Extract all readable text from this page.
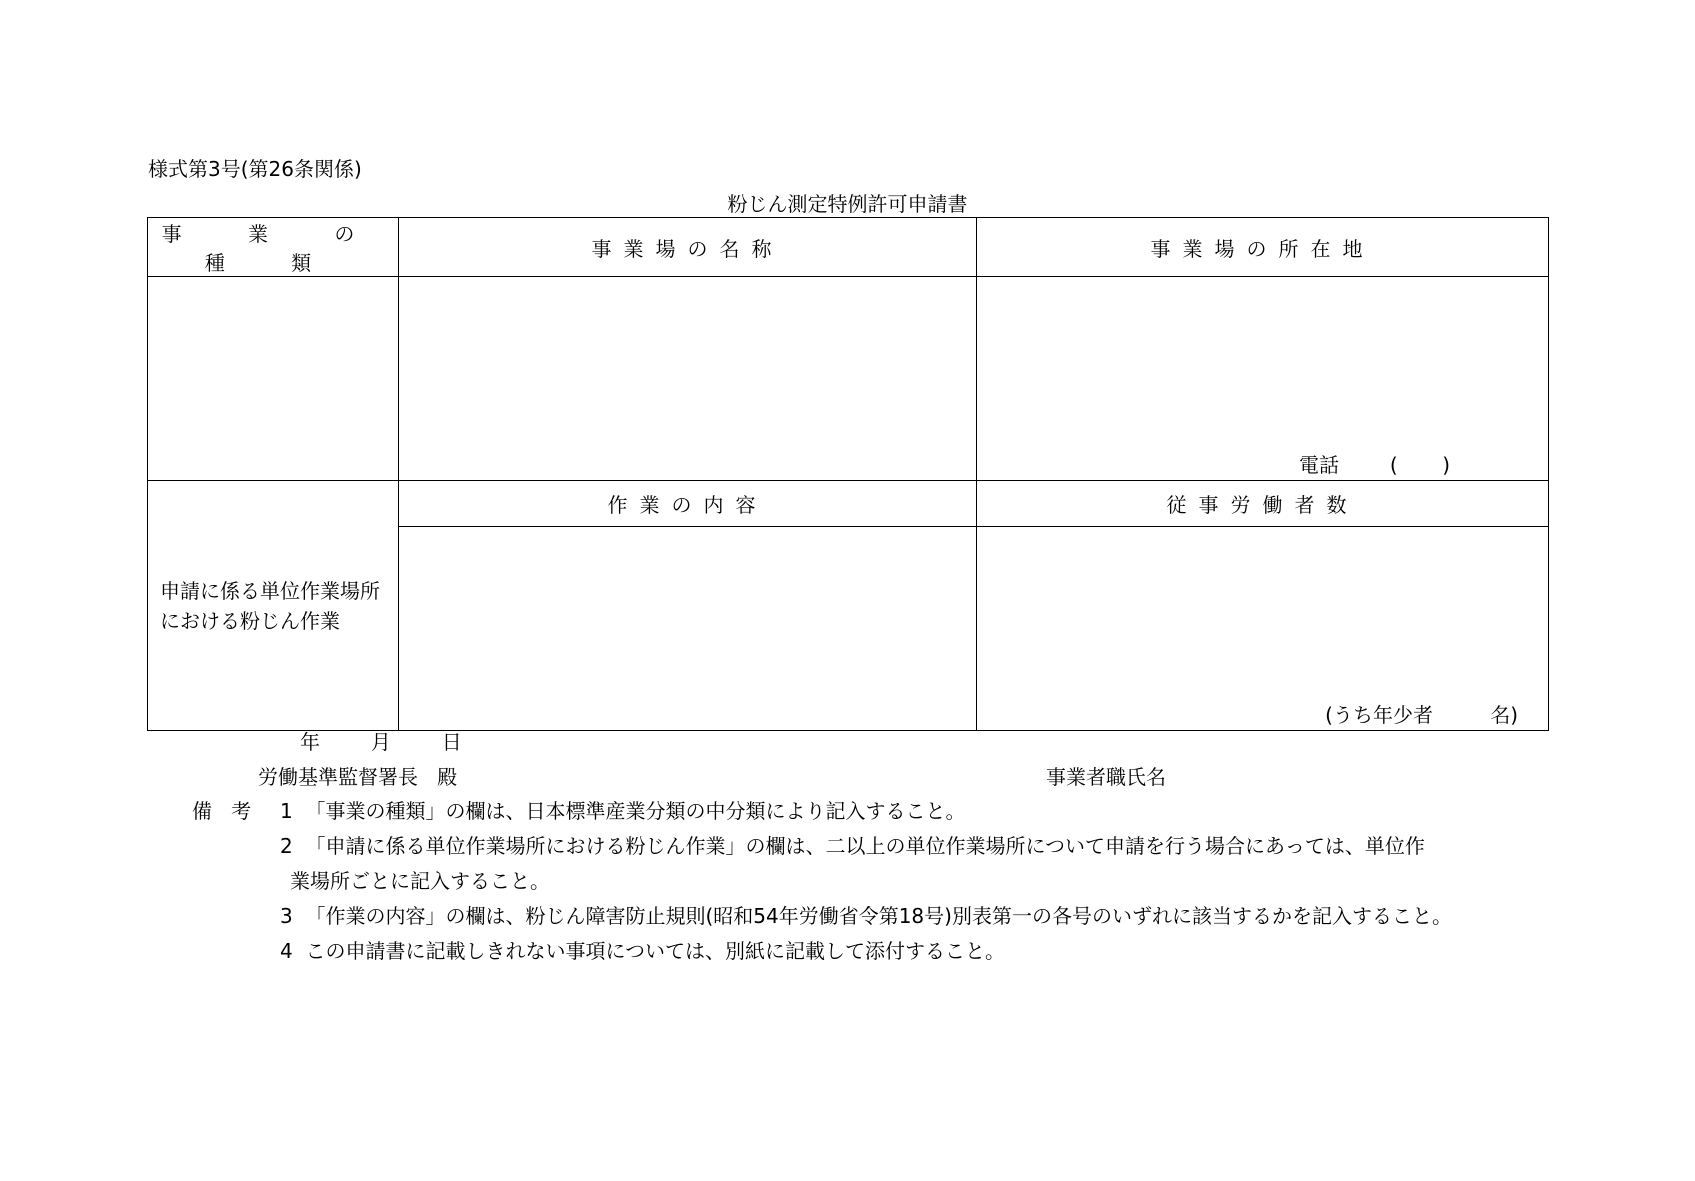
様式第3号(第26条関係)
粉じん測定特例許可申請書
事 業 の 種 類	事業場の名称	事業場の所在地

		電話        (       )

申請に係る単位作業場所における粉じん作業	作業の内容	従事労働者数

		(うち年少者         名)
年        月        日
労働基準監督署長   殿	事業者職氏名
備   考 1  「事業の種類」の欄は、日本標準産業分類の中分類により記入すること。
2  「申請に係る単位作業場所における粉じん作業」の欄は、二以上の単位作業場所について申請を行う場合にあっては、単位作
業場所ごとに記入すること。
3  「作業の内容」の欄は、粉じん障害防止規則(昭和54年労働省令第18号)別表第一の各号のいずれに該当するかを記入すること。
4  この申請書に記載しきれない事項については、別紙に記載して添付すること。
